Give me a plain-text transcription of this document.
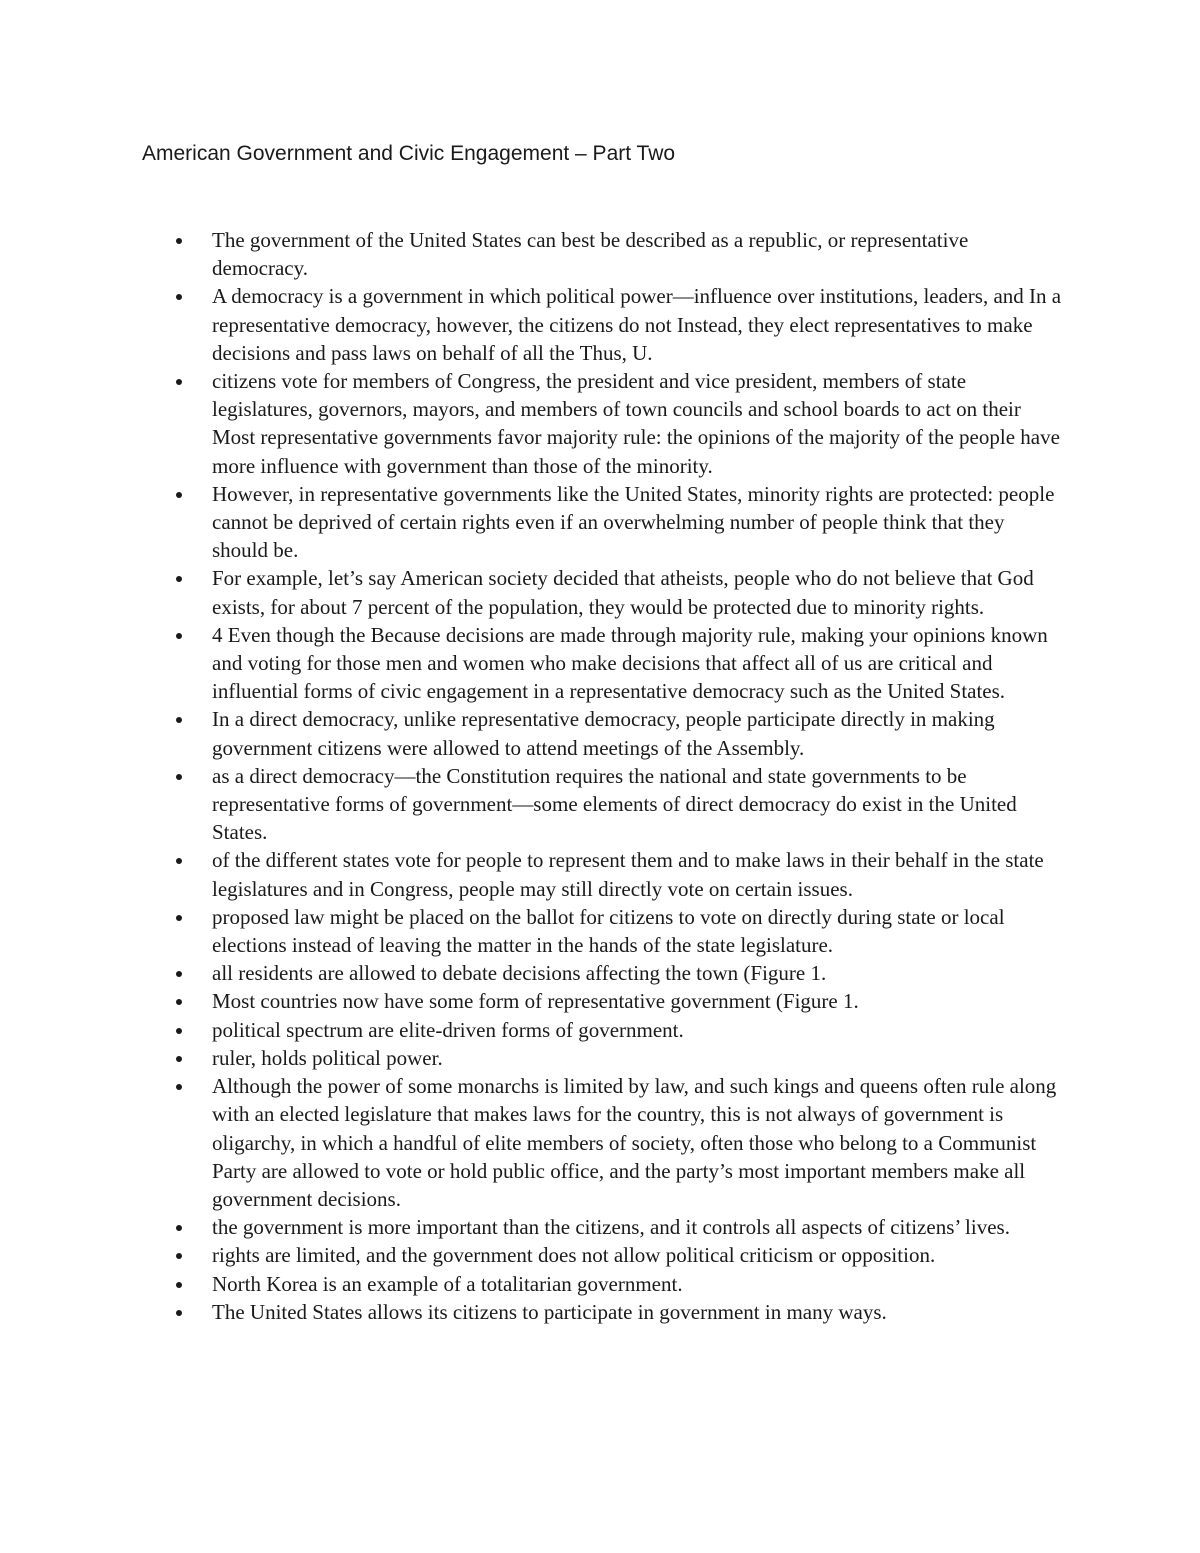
American Government and Civic Engagement – Part Two
The government of the United States can best be described as a republic, or representative democracy.
A democracy is a government in which political power—influence over institutions, leaders, and In a representative democracy, however, the citizens do not Instead, they elect representatives to make decisions and pass laws on behalf of all the Thus, U.
citizens vote for members of Congress, the president and vice president, members of state legislatures, governors, mayors, and members of town councils and school boards to act on their Most representative governments favor majority rule: the opinions of the majority of the people have more influence with government than those of the minority.
However, in representative governments like the United States, minority rights are protected: people cannot be deprived of certain rights even if an overwhelming number of people think that they should be.
For example, let’s say American society decided that atheists, people who do not believe that God exists, for about 7 percent of the population, they would be protected due to minority rights.
4 Even though the Because decisions are made through majority rule, making your opinions known and voting for those men and women who make decisions that affect all of us are critical and influential forms of civic engagement in a representative democracy such as the United States.
In a direct democracy, unlike representative democracy, people participate directly in making government citizens were allowed to attend meetings of the Assembly.
as a direct democracy—the Constitution requires the national and state governments to be representative forms of government—some elements of direct democracy do exist in the United States.
of the different states vote for people to represent them and to make laws in their behalf in the state legislatures and in Congress, people may still directly vote on certain issues.
proposed law might be placed on the ballot for citizens to vote on directly during state or local elections instead of leaving the matter in the hands of the state legislature.
all residents are allowed to debate decisions affecting the town (Figure 1.
Most countries now have some form of representative government (Figure 1.
political spectrum are elite-driven forms of government.
ruler, holds political power.
Although the power of some monarchs is limited by law, and such kings and queens often rule along with an elected legislature that makes laws for the country, this is not always of government is oligarchy, in which a handful of elite members of society, often those who belong to a Communist Party are allowed to vote or hold public office, and the party’s most important members make all government decisions.
the government is more important than the citizens, and it controls all aspects of citizens’ lives.
rights are limited, and the government does not allow political criticism or opposition.
North Korea is an example of a totalitarian government.
The United States allows its citizens to participate in government in many ways.
